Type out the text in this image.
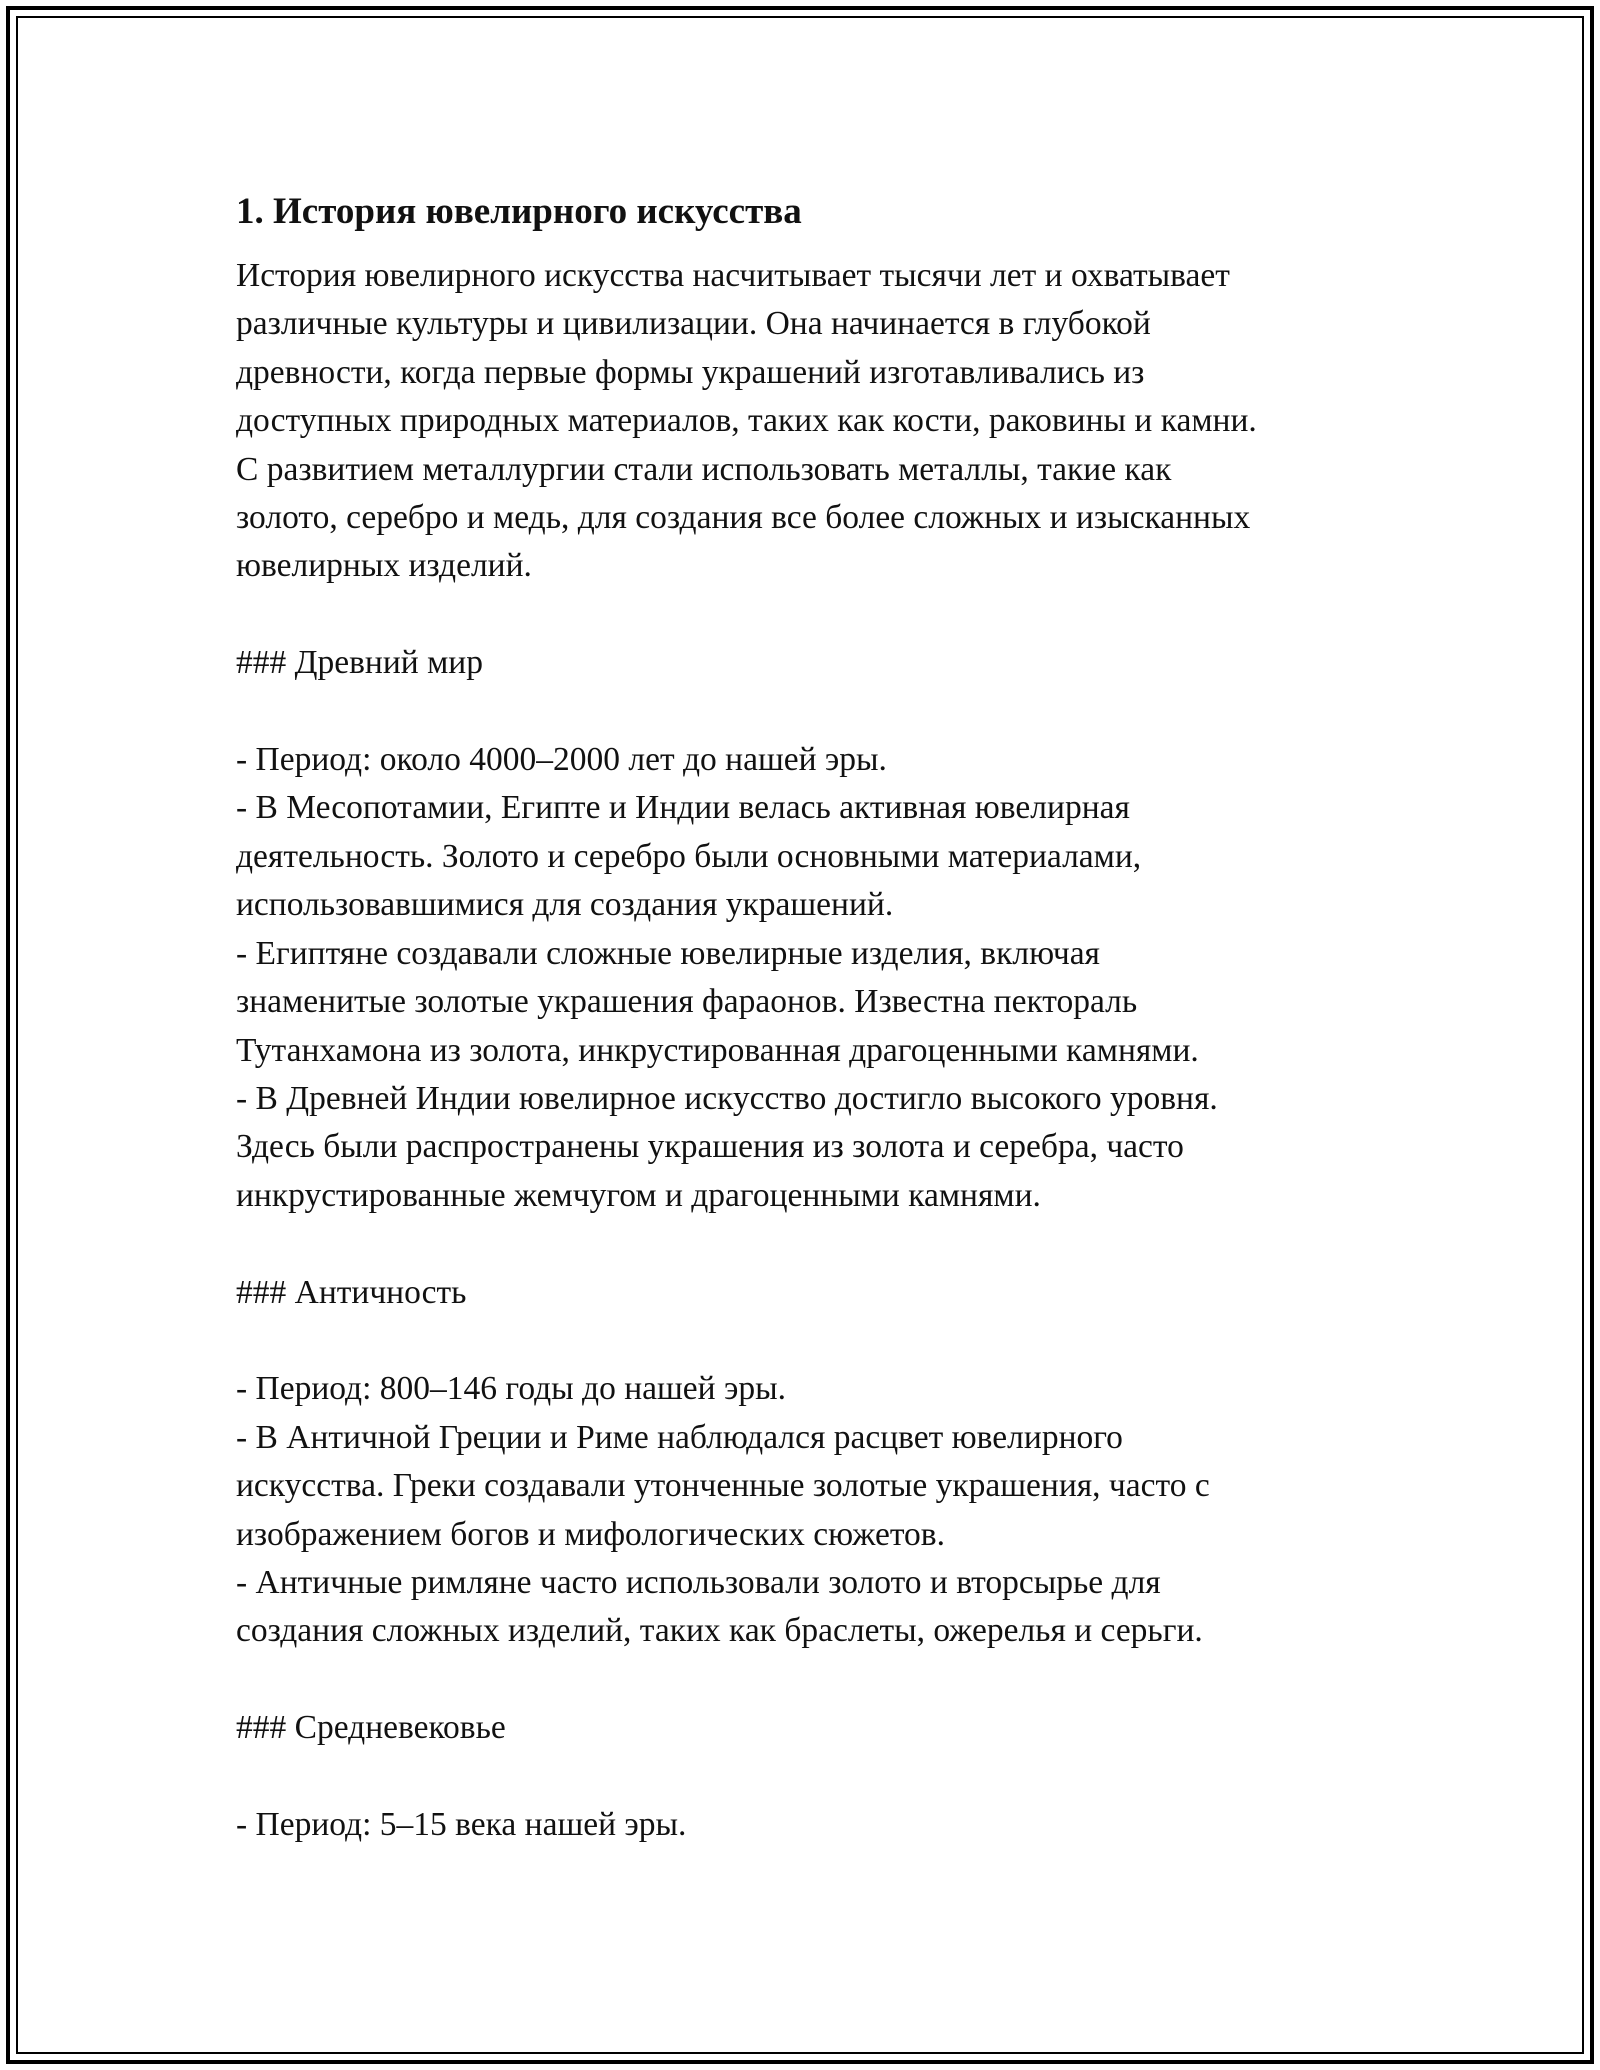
1. История ювелирного искусства
История ювелирного искусства насчитывает тысячи лет и охватывает
различные культуры и цивилизации. Она начинается в глубокой
древности, когда первые формы украшений изготавливались из
доступных природных материалов, таких как кости, раковины и камни.
С развитием металлургии стали использовать металлы, такие как
золото, серебро и медь, для создания все более сложных и изысканных
ювелирных изделий.

### Древний мир

- Период: около 4000–2000 лет до нашей эры.
- В Месопотамии, Египте и Индии велась активная ювелирная
деятельность. Золото и серебро были основными материалами,
использовавшимися для создания украшений.
- Египтяне создавали сложные ювелирные изделия, включая
знаменитые золотые украшения фараонов. Известна пектораль
Тутанхамона из золота, инкрустированная драгоценными камнями.
- В Древней Индии ювелирное искусство достигло высокого уровня.
Здесь были распространены украшения из золота и серебра, часто
инкрустированные жемчугом и драгоценными камнями.

### Античность

- Период: 800–146 годы до нашей эры.
- В Античной Греции и Риме наблюдался расцвет ювелирного
искусства. Греки создавали утонченные золотые украшения, часто с
изображением богов и мифологических сюжетов.
- Античные римляне часто использовали золото и вторсырье для
создания сложных изделий, таких как браслеты, ожерелья и серьги.

### Средневековье

- Период: 5–15 века нашей эры.
